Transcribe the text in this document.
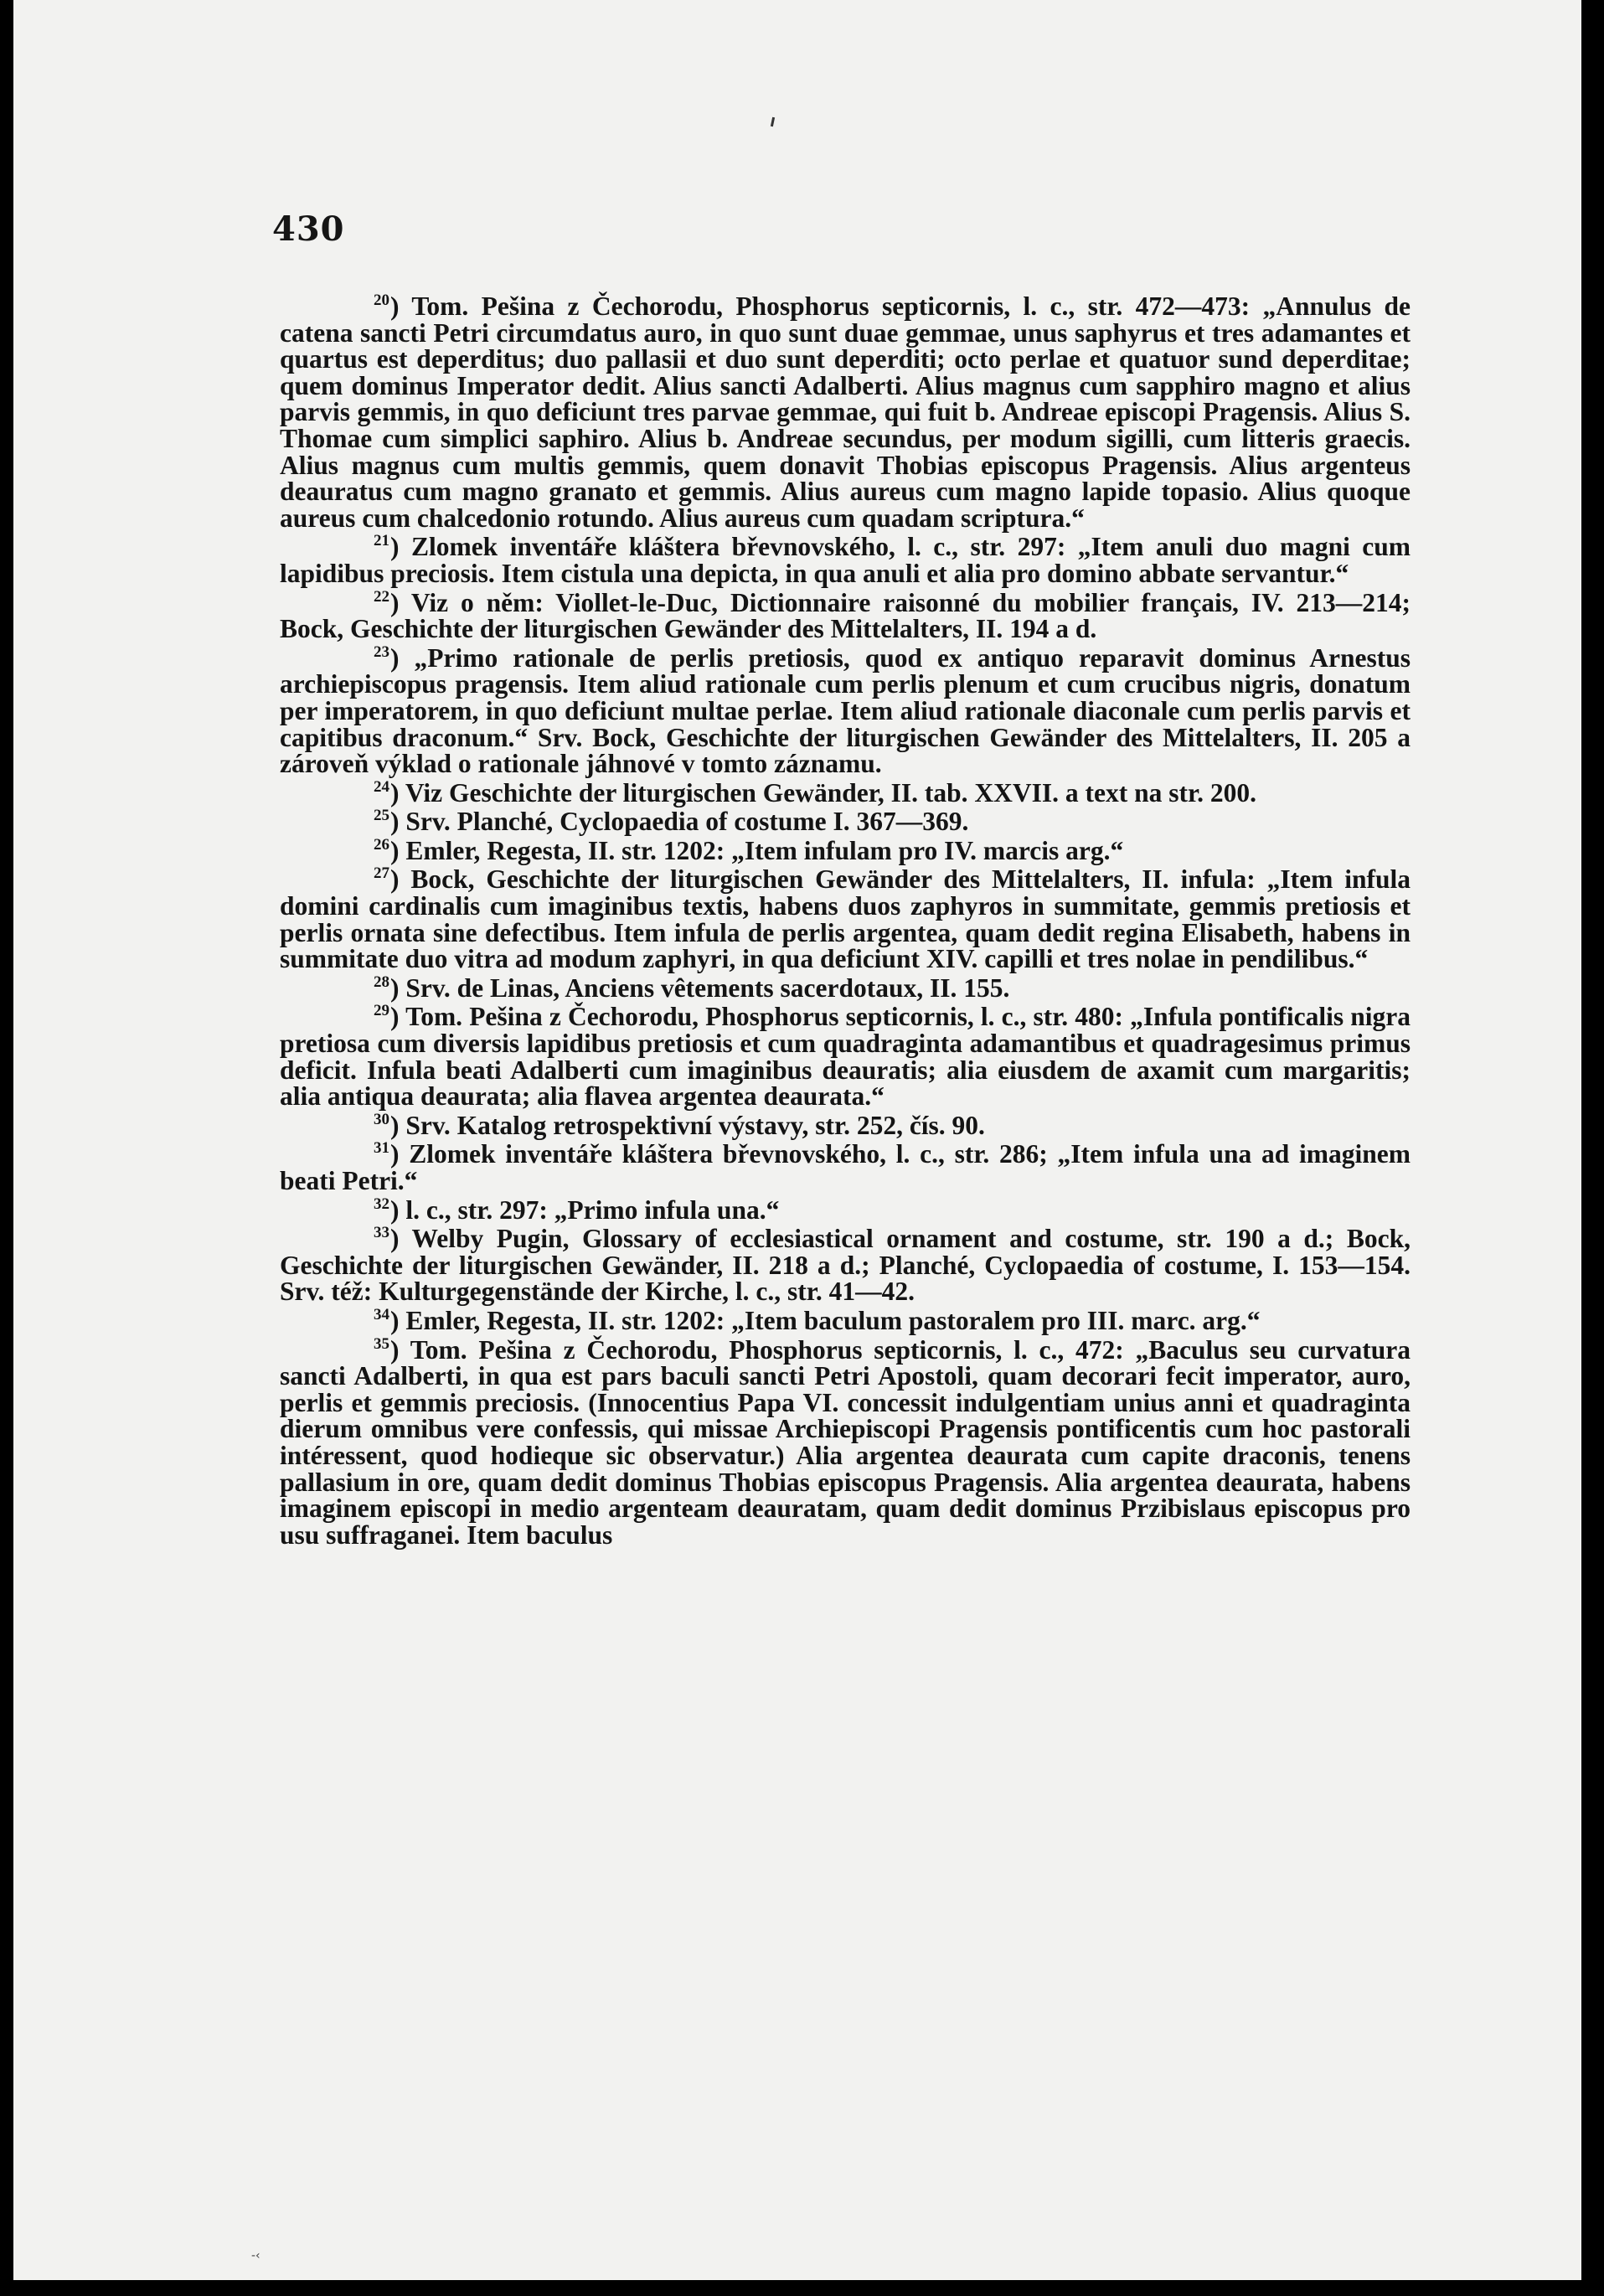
430

$^{20}$) Tom. Pešina z Čechorodu, Phosphorus septicornis, l. c., str. 472—473: „Annulus de catena sancti Petri circumdatus auro, in quo sunt duae gemmae, unus saphyrus et tres adamantes et quartus est deperditus; duo pallasii et duo sunt deperditi; octo perlae et quatuor sund deperditae; quem dominus Imperator dedit. Alius sancti Adalberti. Alius magnus cum sapphiro magno et alius parvis gemmis, in quo deficiunt tres parvae gemmae, qui fuit b. Andreae episcopi Pragensis. Alius S. Thomae cum simplici saphiro. Alius b. Andreae secundus, per modum sigilli, cum litteris graecis. Alius magnus cum multis gemmis, quem donavit Thobias episcopus Pragensis. Alius argenteus deauratus cum magno granato et gemmis. Alius aureus cum magno lapide topasio. Alius quoque aureus cum chalcedonio rotundo. Alius aureus cum quadam scriptura.“

$^{21}$) Zlomek inventáře kláštera břevnovského, l. c., str. 297: „Item anuli duo magni cum lapidibus preciosis. Item cistula una depicta, in qua anuli et alia pro domino abbate servantur.“

$^{22}$) Viz o něm: Viollet-le-Duc, Dictionnaire raisonné du mobilier français, IV. 213—214; Bock, Geschichte der liturgischen Gewänder des Mittelalters, II. 194 a d.

$^{23}$) „Primo rationale de perlis pretiosis, quod ex antiquo reparavit dominus Arnestus archiepiscopus pragensis. Item aliud rationale cum perlis plenum et cum crucibus nigris, donatum per imperatorem, in quo deficiunt multae perlae. Item aliud rationale diaconale cum perlis parvis et capitibus draconum.“ Srv. Bock, Geschichte der liturgischen Gewänder des Mittelalters, II. 205 a zároveň výklad o rationale jáhnové v tomto záznamu.

$^{24}$) Viz Geschichte der liturgischen Gewänder, II. tab. XXVII. a text na str. 200.

$^{25}$) Srv. Planché, Cyclopaedia of costume I. 367—369.

$^{26}$) Emler, Regesta, II. str. 1202: „Item infulam pro IV. marcis arg.“

$^{27}$) Bock, Geschichte der liturgischen Gewänder des Mittelalters, II. infula: „Item infula domini cardinalis cum imaginibus textis, habens duos zaphyros in summitate, gemmis pretiosis et perlis ornata sine defectibus. Item infula de perlis argentea, quam dedit regina Elisabeth, habens in summitate duo vitra ad modum zaphyri, in qua deficiunt XIV. capilli et tres nolae in pendilibus.“

$^{28}$) Srv. de Linas, Anciens vêtements sacerdotaux, II. 155.

$^{29}$) Tom. Pešina z Čechorodu, Phosphorus septicornis, l. c., str. 480: „Infula pontificalis nigra pretiosa cum diversis lapidibus pretiosis et cum quadraginta adamantibus et quadragesimus primus deficit. Infula beati Adalberti cum imaginibus deauratis; alia eiusdem de axamit cum margaritis; alia antiqua deaurata; alia flavea argentea deaurata.“

$^{30}$) Srv. Katalog retrospektivní výstavy, str. 252, čís. 90.

$^{31}$) Zlomek inventáře kláštera břevnovského, l. c., str. 286; „Item infula una ad imaginem beati Petri.“

$^{32}$) l. c., str. 297: „Primo infula una.“

$^{33}$) Welby Pugin, Glossary of ecclesiastical ornament and costume, str. 190 a d.; Bock, Geschichte der liturgischen Gewänder, II. 218 a d.; Planché, Cyclopaedia of costume, I. 153—154. Srv. též: Kulturgegenstände der Kirche, l. c., str. 41—42.

$^{34}$) Emler, Regesta, II. str. 1202: „Item baculum pastoralem pro III. marc. arg.“

$^{35}$) Tom. Pešina z Čechorodu, Phosphorus septicornis, l. c., 472: „Baculus seu curvatura sancti Adalberti, in qua est pars baculi sancti Petri Apostoli, quam decorari fecit imperator, auro, perlis et gemmis preciosis. (Innocentius Papa VI. concessit indulgentiam unius anni et quadraginta dierum omnibus vere confessis, qui missae Archiepiscopi Pragensis pontificentis cum hoc pastorali intéressent, quod hodieque sic observatur.) Alia argentea deaurata cum capite draconis, tenens pallasium in ore, quam dedit dominus Thobias episcopus Pragensis. Alia argentea deaurata, habens imaginem episcopi in medio argenteam deauratam, quam dedit dominus Przibislaus episcopus pro usu suffraganei. Item baculus

-‹
